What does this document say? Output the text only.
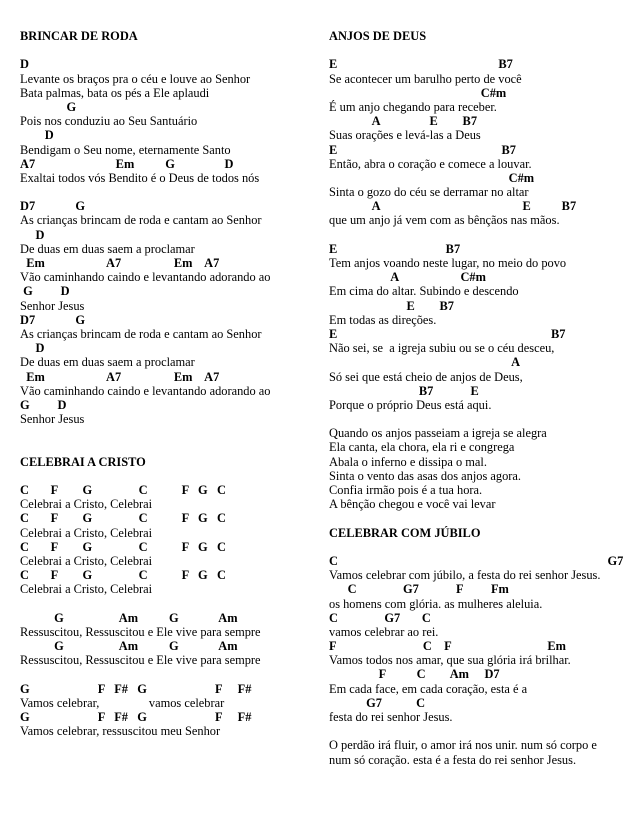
BRINCAR DE RODA
D
Levante os braços pra o céu e louve ao Senhor
Bata palmas, bata os pés a Ele aplaudi
G
Pois nos conduziu ao Seu Santuário
D
Bendigam o Seu nome, eternamente Santo
A7                          Em          G                D
Exaltai todos vós Bendito é o Deus de todos nós
D7             G
As crianças brincam de roda e cantam ao Senhor
D
De duas em duas saem a proclamar
Em                    A7                 Em    A7
Vão caminhando caindo e levantando adorando ao
G         D
Senhor Jesus
D7             G
As crianças brincam de roda e cantam ao Senhor
D
De duas em duas saem a proclamar
Em                    A7                 Em    A7
Vão caminhando caindo e levantando adorando ao
G         D
Senhor Jesus
CELEBRAI A CRISTO
C       F        G               C           F   G   C
Celebrai a Cristo, Celebrai
C       F        G               C           F   G   C
Celebrai a Cristo, Celebrai
C       F        G               C           F   G   C
Celebrai a Cristo, Celebrai
C       F        G               C           F   G   C
Celebrai a Cristo, Celebrai
G                  Am          G             Am
Ressuscitou, Ressuscitou e Ele vive para sempre
G                  Am          G             Am
Ressuscitou, Ressuscitou e Ele vive para sempre
G                      F   F#   G                      F     F#
Vamos celebrar,                vamos celebrar
G                      F   F#   G                      F     F#
Vamos celebrar, ressuscitou meu Senhor
ANJOS DE DEUS
E                                                    B7
Se acontecer um barulho perto de você
C#m
É um anjo chegando para receber.
A                E        B7
Suas orações e levá-las a Deus
E                                                     B7
Então, abra o coração e comece a louvar.
C#m
Sinta o gozo do céu se derramar no altar
A                                              E          B7
que um anjo já vem com as bênçãos nas mãos.
E                                   B7
Tem anjos voando neste lugar, no meio do povo
A                    C#m
Em cima do altar. Subindo e descendo
E        B7
Em todas as direções.
E                                                                     B7
Não sei, se  a igreja subiu ou se o céu desceu,
A
Só sei que está cheio de anjos de Deus,
B7            E
Porque o próprio Deus está aqui.
Quando os anjos passeiam a igreja se alegra
Ela canta, ela chora, ela ri e congrega
Abala o inferno e dissipa o mal.
Sinta o vento das asas dos anjos agora.
Confia irmão pois é a tua hora.
A bênção chegou e você vai levar
CELEBRAR COM JÚBILO
C                                                                                       G7
Vamos celebrar com júbilo, a festa do rei senhor Jesus.
C               G7            F         Fm
os homens com glória. as mulheres aleluia.
C               G7       C
vamos celebrar ao rei.
F                            C    F                               Em
Vamos todos nos amar, que sua glória irá brilhar.
F          C        Am     D7
Em cada face, em cada coração, esta é a
G7           C
festa do rei senhor Jesus.
O perdão irá fluir, o amor irá nos unir. num só corpo e
num só coração. esta é a festa do rei senhor Jesus.
